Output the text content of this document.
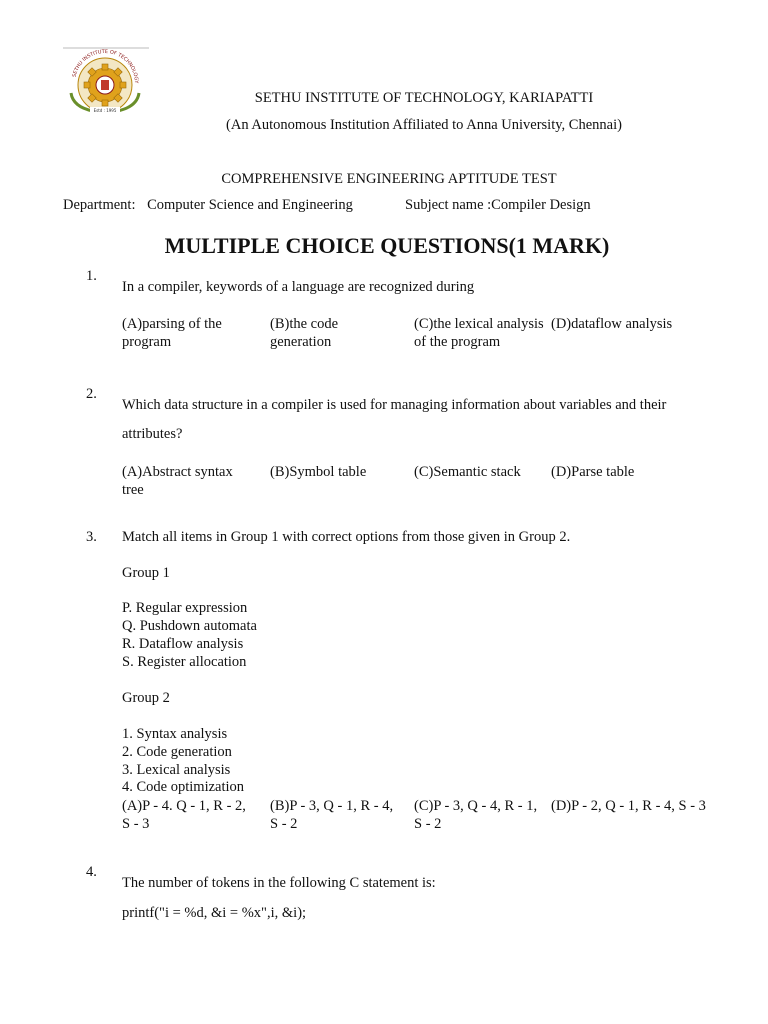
SETHU INSTITUTE OF TECHNOLOGY
Estd : 1995
SETHU INSTITUTE OF TECHNOLOGY, KARIAPATTI
(An Autonomous Institution Affiliated to Anna University, Chennai)
COMPREHENSIVE ENGINEERING APTITUDE TEST
Department: Computer Science and Engineering	Subject name :Compiler Design
MULTIPLE CHOICE QUESTIONS(1 MARK)
1.
In a compiler, keywords of a language are recognized during
(A)parsing of the program
(B)the code generation
(C)the lexical analysis of the program
(D)dataflow analysis
2.
Which data structure in a compiler is used for managing information about variables and their attributes?
(A)Abstract syntax tree
(B)Symbol table	(C)Semantic stack	(D)Parse table
3. Match all items in Group 1 with correct options from those given in Group 2.
Group 1
P. Regular expression
Q. Pushdown automata
R. Dataflow analysis
S. Register allocation
Group 2
1. Syntax analysis
2. Code generation
3. Lexical analysis
4. Code optimization
(A)P - 4. Q - 1, R - 2, S - 3
(B)P - 3, Q - 1, R - 4, S - 2
(C)P - 3, Q - 4, R - 1, S - 2
(D)P - 2, Q - 1, R - 4, S - 3
4.
The number of tokens in the following C statement is:
printf("i = %d, &i = %x",i, &i);
